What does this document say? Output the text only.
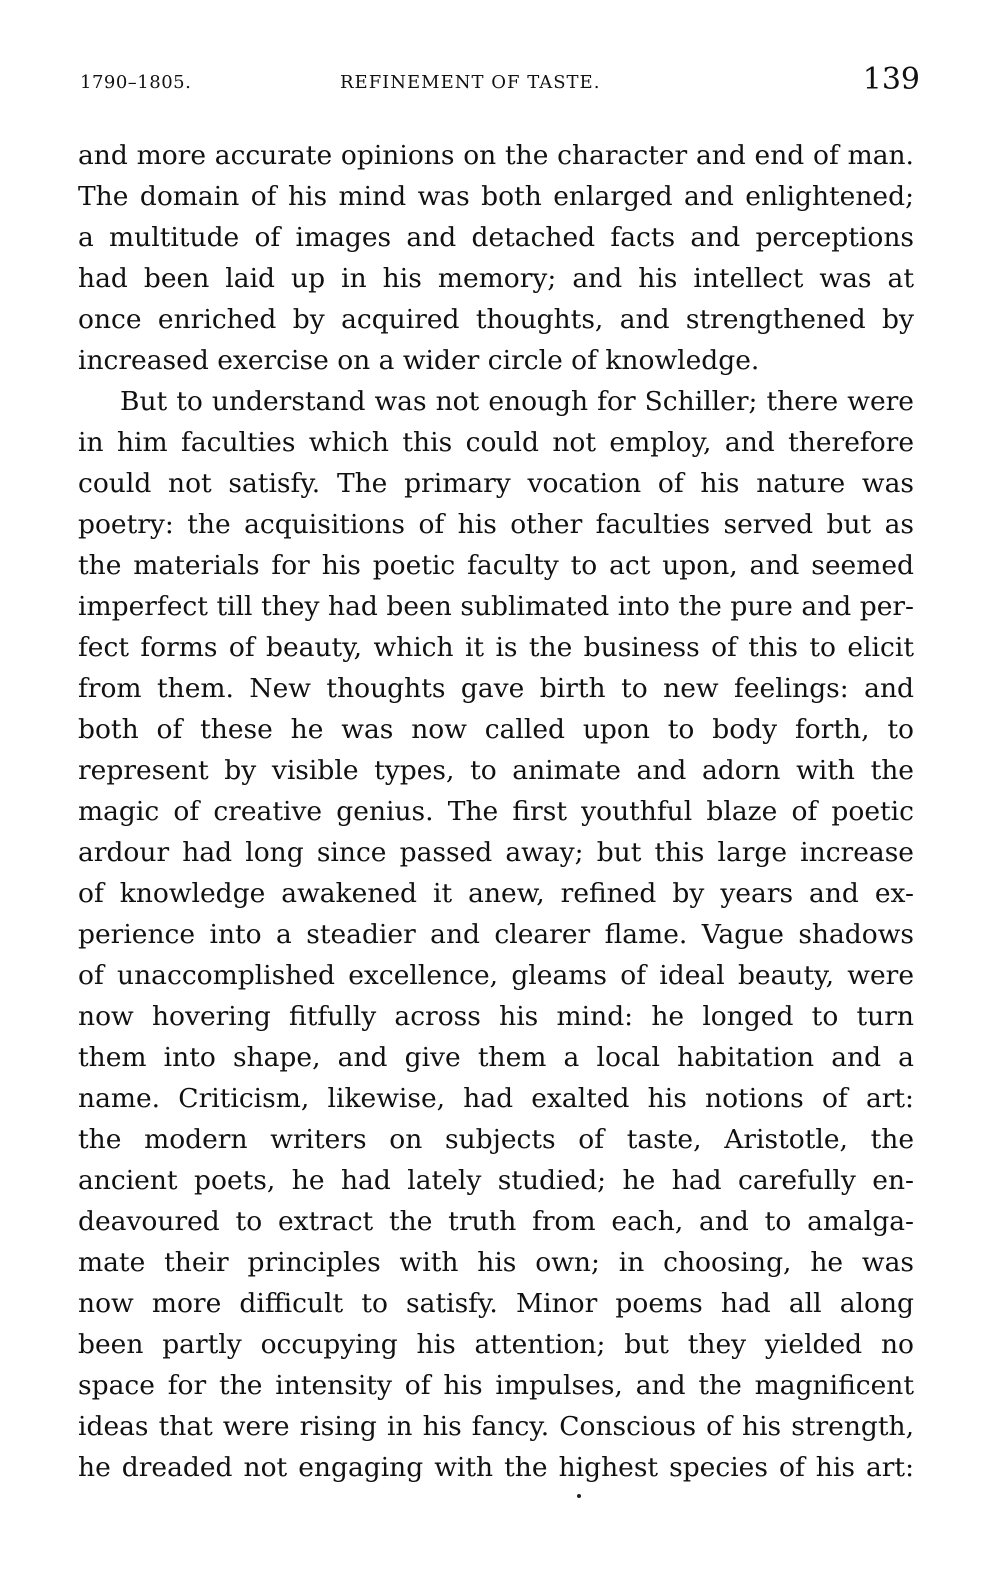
1790–1805.	REFINEMENT OF TASTE.	139
and more accurate opinions on the character and end of man.
The domain of his mind was both enlarged and enlightened;
a multitude of images and detached facts and perceptions
had been laid up in his memory; and his intellect was at
once enriched by acquired thoughts, and strengthened by
increased exercise on a wider circle of knowledge.
But to understand was not enough for Schiller; there were
in him faculties which this could not employ, and therefore
could not satisfy. The primary vocation of his nature was
poetry: the acquisitions of his other faculties served but as
the materials for his poetic faculty to act upon, and seemed
imperfect till they had been sublimated into the pure and per-
fect forms of beauty, which it is the business of this to elicit
from them. New thoughts gave birth to new feelings: and
both of these he was now called upon to body forth, to
represent by visible types, to animate and adorn with the
magic of creative genius. The first youthful blaze of poetic
ardour had long since passed away; but this large increase
of knowledge awakened it anew, refined by years and ex-
perience into a steadier and clearer flame. Vague shadows
of unaccomplished excellence, gleams of ideal beauty, were
now hovering fitfully across his mind: he longed to turn
them into shape, and give them a local habitation and a
name. Criticism, likewise, had exalted his notions of art:
the modern writers on subjects of taste, Aristotle, the
ancient poets, he had lately studied; he had carefully en-
deavoured to extract the truth from each, and to amalga-
mate their principles with his own; in choosing, he was
now more difficult to satisfy. Minor poems had all along
been partly occupying his attention; but they yielded no
space for the intensity of his impulses, and the magnificent
ideas that were rising in his fancy. Conscious of his strength,
he dreaded not engaging with the highest species of his art:
